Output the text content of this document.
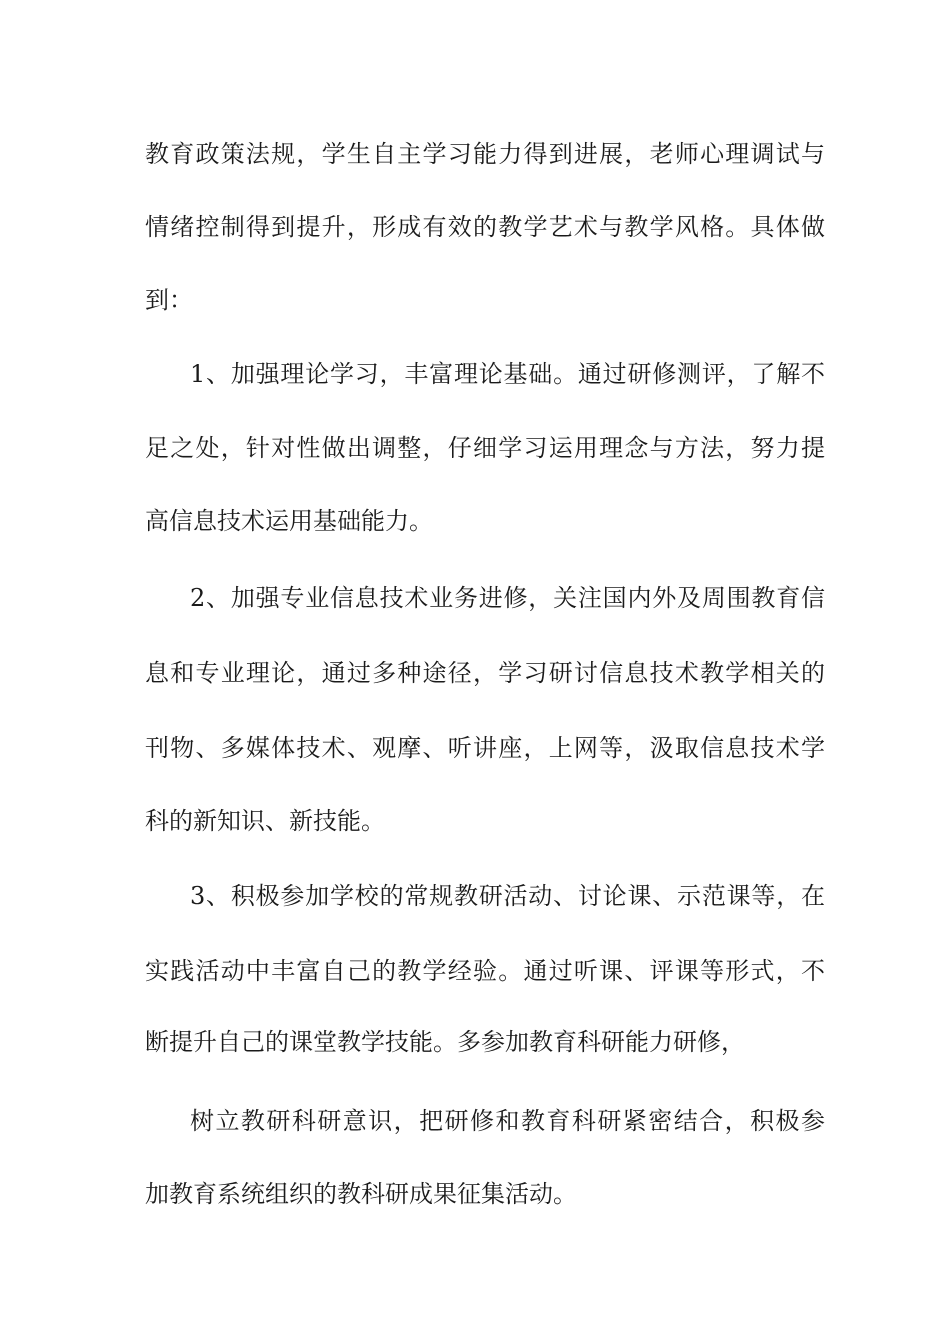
教育政策法规，学生自主学习能力得到进展，老师心理调试与
情绪控制得到提升，形成有效的教学艺术与教学风格。具体做
到：
1、加强理论学习，丰富理论基础。通过研修测评，了解不
足之处，针对性做出调整，仔细学习运用理念与方法，努力提
高信息技术运用基础能力。
2、加强专业信息技术业务进修，关注国内外及周围教育信
息和专业理论，通过多种途径，学习研讨信息技术教学相关的
刊物、多媒体技术、观摩、听讲座，上网等，汲取信息技术学
科的新知识、新技能。
3、积极参加学校的常规教研活动、讨论课、示范课等，在
实践活动中丰富自己的教学经验。通过听课、评课等形式，不
断提升自己的课堂教学技能。多参加教育科研能力研修，
树立教研科研意识，把研修和教育科研紧密结合，积极参
加教育系统组织的教科研成果征集活动。
